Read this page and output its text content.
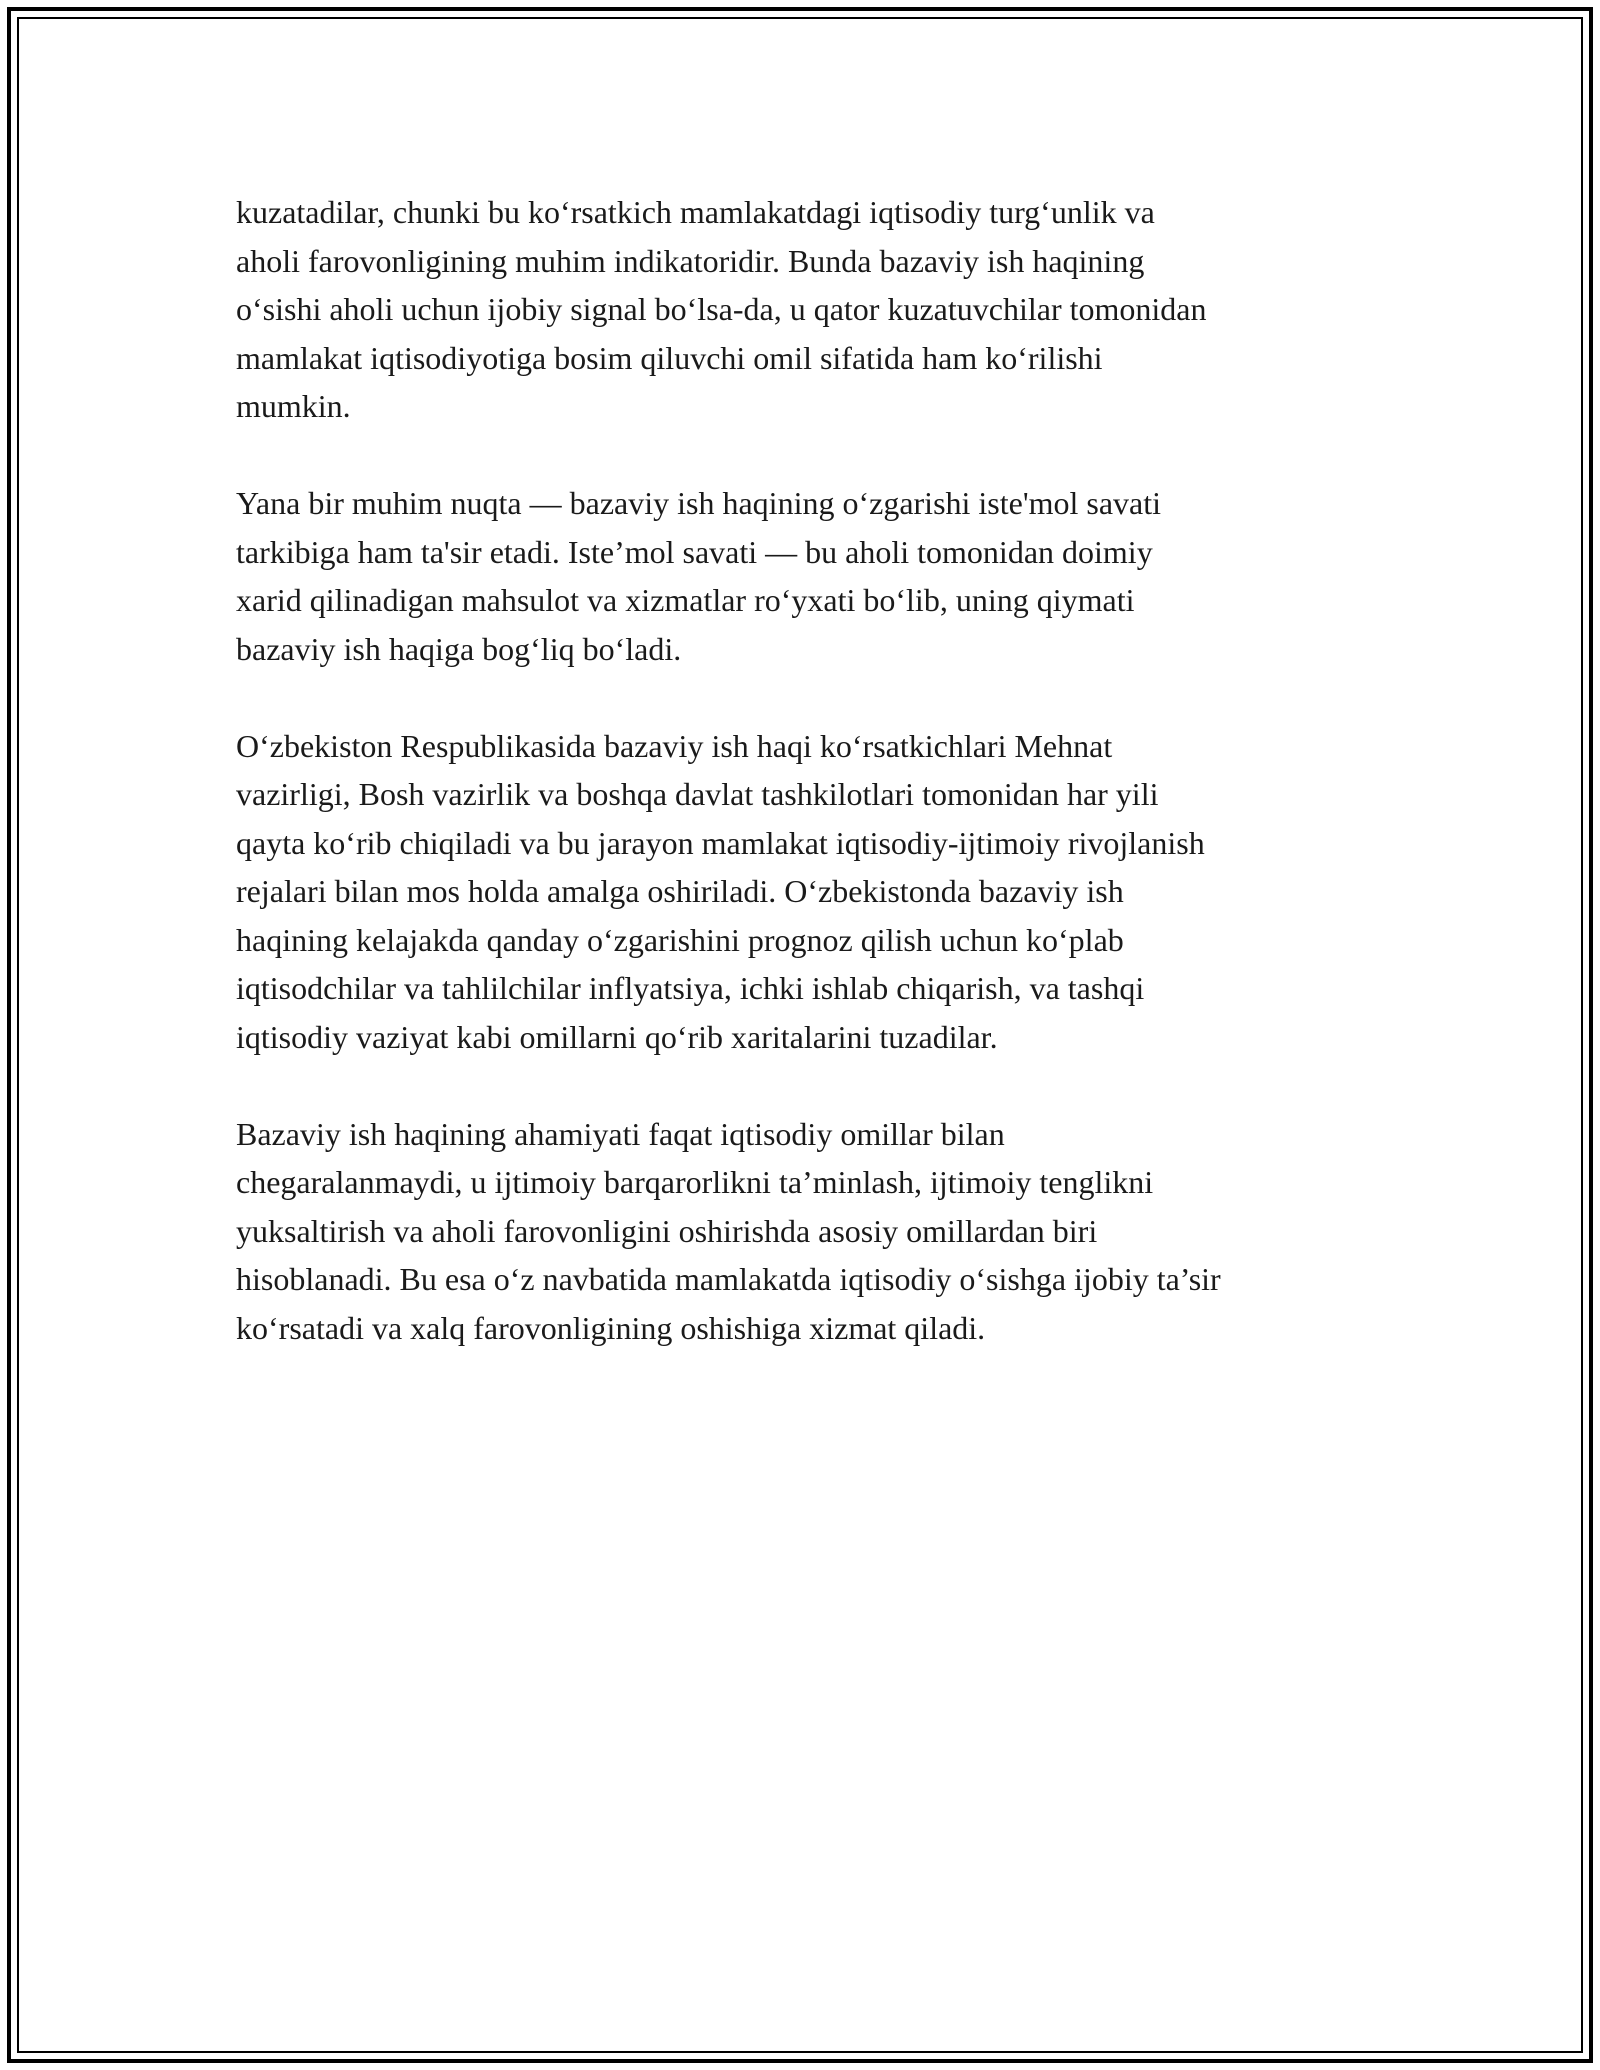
kuzatadilar, chunki bu ko‘rsatkich mamlakatdagi iqtisodiy turg‘unlik va
aholi farovonligining muhim indikatoridir. Bunda bazaviy ish haqining
o‘sishi aholi uchun ijobiy signal bo‘lsa-da, u qator kuzatuvchilar tomonidan
mamlakat iqtisodiyotiga bosim qiluvchi omil sifatida ham ko‘rilishi
mumkin.

Yana bir muhim nuqta — bazaviy ish haqining o‘zgarishi iste'mol savati
tarkibiga ham ta'sir etadi. Iste’mol savati — bu aholi tomonidan doimiy
xarid qilinadigan mahsulot va xizmatlar ro‘yxati bo‘lib, uning qiymati
bazaviy ish haqiga bog‘liq bo‘ladi.

O‘zbekiston Respublikasida bazaviy ish haqi ko‘rsatkichlari Mehnat
vazirligi, Bosh vazirlik va boshqa davlat tashkilotlari tomonidan har yili
qayta ko‘rib chiqiladi va bu jarayon mamlakat iqtisodiy-ijtimoiy rivojlanish
rejalari bilan mos holda amalga oshiriladi. O‘zbekistonda bazaviy ish
haqining kelajakda qanday o‘zgarishini prognoz qilish uchun ko‘plab
iqtisodchilar va tahlilchilar inflyatsiya, ichki ishlab chiqarish, va tashqi
iqtisodiy vaziyat kabi omillarni qo‘rib xaritalarini tuzadilar.

Bazaviy ish haqining ahamiyati faqat iqtisodiy omillar bilan
chegaralanmaydi, u ijtimoiy barqarorlikni ta’minlash, ijtimoiy tenglikni
yuksaltirish va aholi farovonligini oshirishda asosiy omillardan biri
hisoblanadi. Bu esa o‘z navbatida mamlakatda iqtisodiy o‘sishga ijobiy ta’sir
ko‘rsatadi va xalq farovonligining oshishiga xizmat qiladi.
